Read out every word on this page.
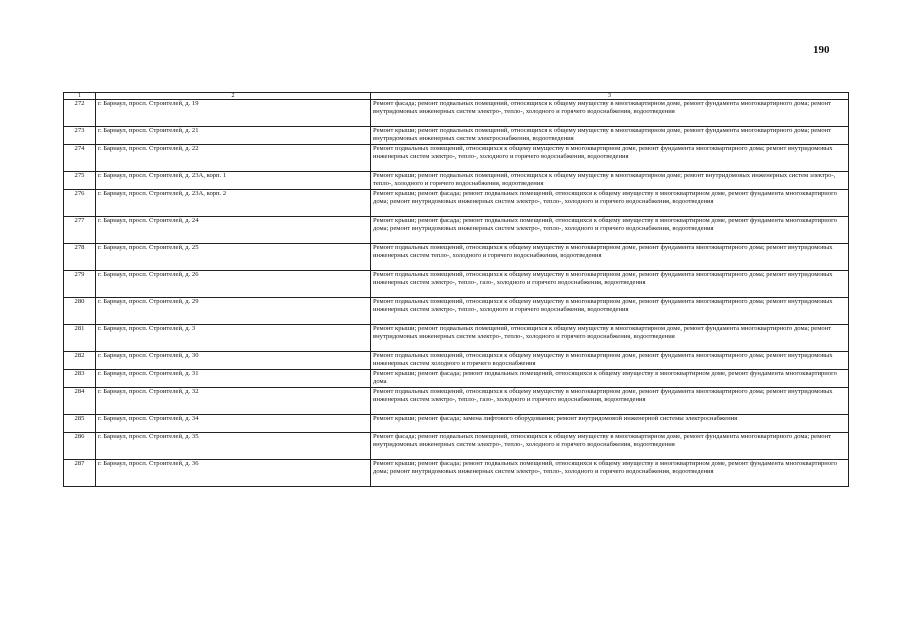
190
1	2	3
272	г. Барнаул, просп. Строителей, д. 19	Ремонт фасада; ремонт подвальных помещений, относящихся к общему имуществу в многоквартирном доме, ремонт фундамента многоквартирного дома; ремонт внутридомовых инженерных систем электро-, тепло-, холодного и горячего водоснабжения, водоотведения
273	г. Барнаул, просп. Строителей, д. 21	Ремонт крыши; ремонт подвальных помещений, относящихся к общему имуществу в многоквартирном доме, ремонт фундамента многоквартирного дома; ремонт внутридомовых инженерных систем электроснабжения, водоотведения
274	г. Барнаул, просп. Строителей, д. 22	Ремонт подвальных помещений, относящихся к общему имуществу в многоквартирном доме, ремонт фундамента многоквартирного дома; ремонт внутридомовых инженерных систем электро-, тепло-, холодного и горячего водоснабжения, водоотведения
275	г. Барнаул, просп. Строителей, д. 23А, корп. 1	Ремонт крыши; ремонт подвальных помещений, относящихся к общему имуществу в многоквартирном доме; ремонт внутридомовых инженерных систем электро-, тепло-, холодного и горячего водоснабжения, водоотведения
276	г. Барнаул, просп. Строителей, д. 23А, корп. 2	Ремонт крыши; ремонт фасада; ремонт подвальных помещений, относящихся к общему имуществу в многоквартирном доме, ремонт фундамента многоквартирного дома; ремонт внутридомовых инженерных систем электро-, тепло-, холодного и горячего водоснабжения, водоотведения
277	г. Барнаул, просп. Строителей, д. 24	Ремонт крыши; ремонт фасада; ремонт подвальных помещений, относящихся к общему имуществу в многоквартирном доме, ремонт фундамента многоквартирного дома; ремонт внутридомовых инженерных систем электро-, тепло-, холодного и горячего водоснабжения, водоотведения
278	г. Барнаул, просп. Строителей, д. 25	Ремонт подвальных помещений, относящихся к общему имуществу в многоквартирном доме, ремонт фундамента многоквартирного дома; ремонт внутридомовых инженерных систем тепло-, холодного и горячего водоснабжения, водоотведения
279	г. Барнаул, просп. Строителей, д. 26	Ремонт подвальных помещений, относящихся к общему имуществу в многоквартирном доме, ремонт фундамента многоквартирного дома; ремонт внутридомовых инженерных систем электро-, тепло-, газо-, холодного и горячего водоснабжения, водоотведения
280	г. Барнаул, просп. Строителей, д. 29	Ремонт подвальных помещений, относящихся к общему имуществу в многоквартирном доме, ремонт фундамента многоквартирного дома; ремонт внутридомовых инженерных систем электро-, тепло-, холодного и горячего водоснабжения, водоотведения
281	г. Барнаул, просп. Строителей, д. 3	Ремонт крыши; ремонт подвальных помещений, относящихся к общему имуществу в многоквартирном доме, ремонт фундамента многоквартирного дома; ремонт внутридомовых инженерных систем электро-, тепло-, холодного и горячего водоснабжения, водоотведения
282	г. Барнаул, просп. Строителей, д. 30	Ремонт подвальных помещений, относящихся к общему имуществу в многоквартирном доме, ремонт фундамента многоквартирного дома; ремонт внутридомовых инженерных систем холодного и горячего водоснабжения
283	г. Барнаул, просп. Строителей, д. 31	Ремонт крыши; ремонт фасада; ремонт подвальных помещений, относящихся к общему имуществу в многоквартирном доме, ремонт фундамента многоквартирного дома
284	г. Барнаул, просп. Строителей, д. 32	Ремонт подвальных помещений, относящихся к общему имуществу в многоквартирном доме, ремонт фундамента многоквартирного дома; ремонт внутридомовых инженерных систем электро-, тепло-, газо-, холодного и горячего водоснабжения, водоотведения
285	г. Барнаул, просп. Строителей, д. 34	Ремонт крыши; ремонт фасада; замена лифтового оборудования; ремонт внутридомовой инженерной системы электроснабжения
286	г. Барнаул, просп. Строителей, д. 35	Ремонт фасада; ремонт подвальных помещений, относящихся к общему имуществу в многоквартирном доме, ремонт фундамента многоквартирного дома; ремонт внутридомовых инженерных систем электро-, тепло-, холодного и горячего водоснабжения, водоотведения
287	г. Барнаул, просп. Строителей, д. 36	Ремонт крыши; ремонт фасада; ремонт подвальных помещений, относящихся к общему имуществу в многоквартирном доме, ремонт фундамента многоквартирного дома; ремонт внутридомовых инженерных систем электро-, тепло-, холодного и горячего водоснабжения, водоотведения
